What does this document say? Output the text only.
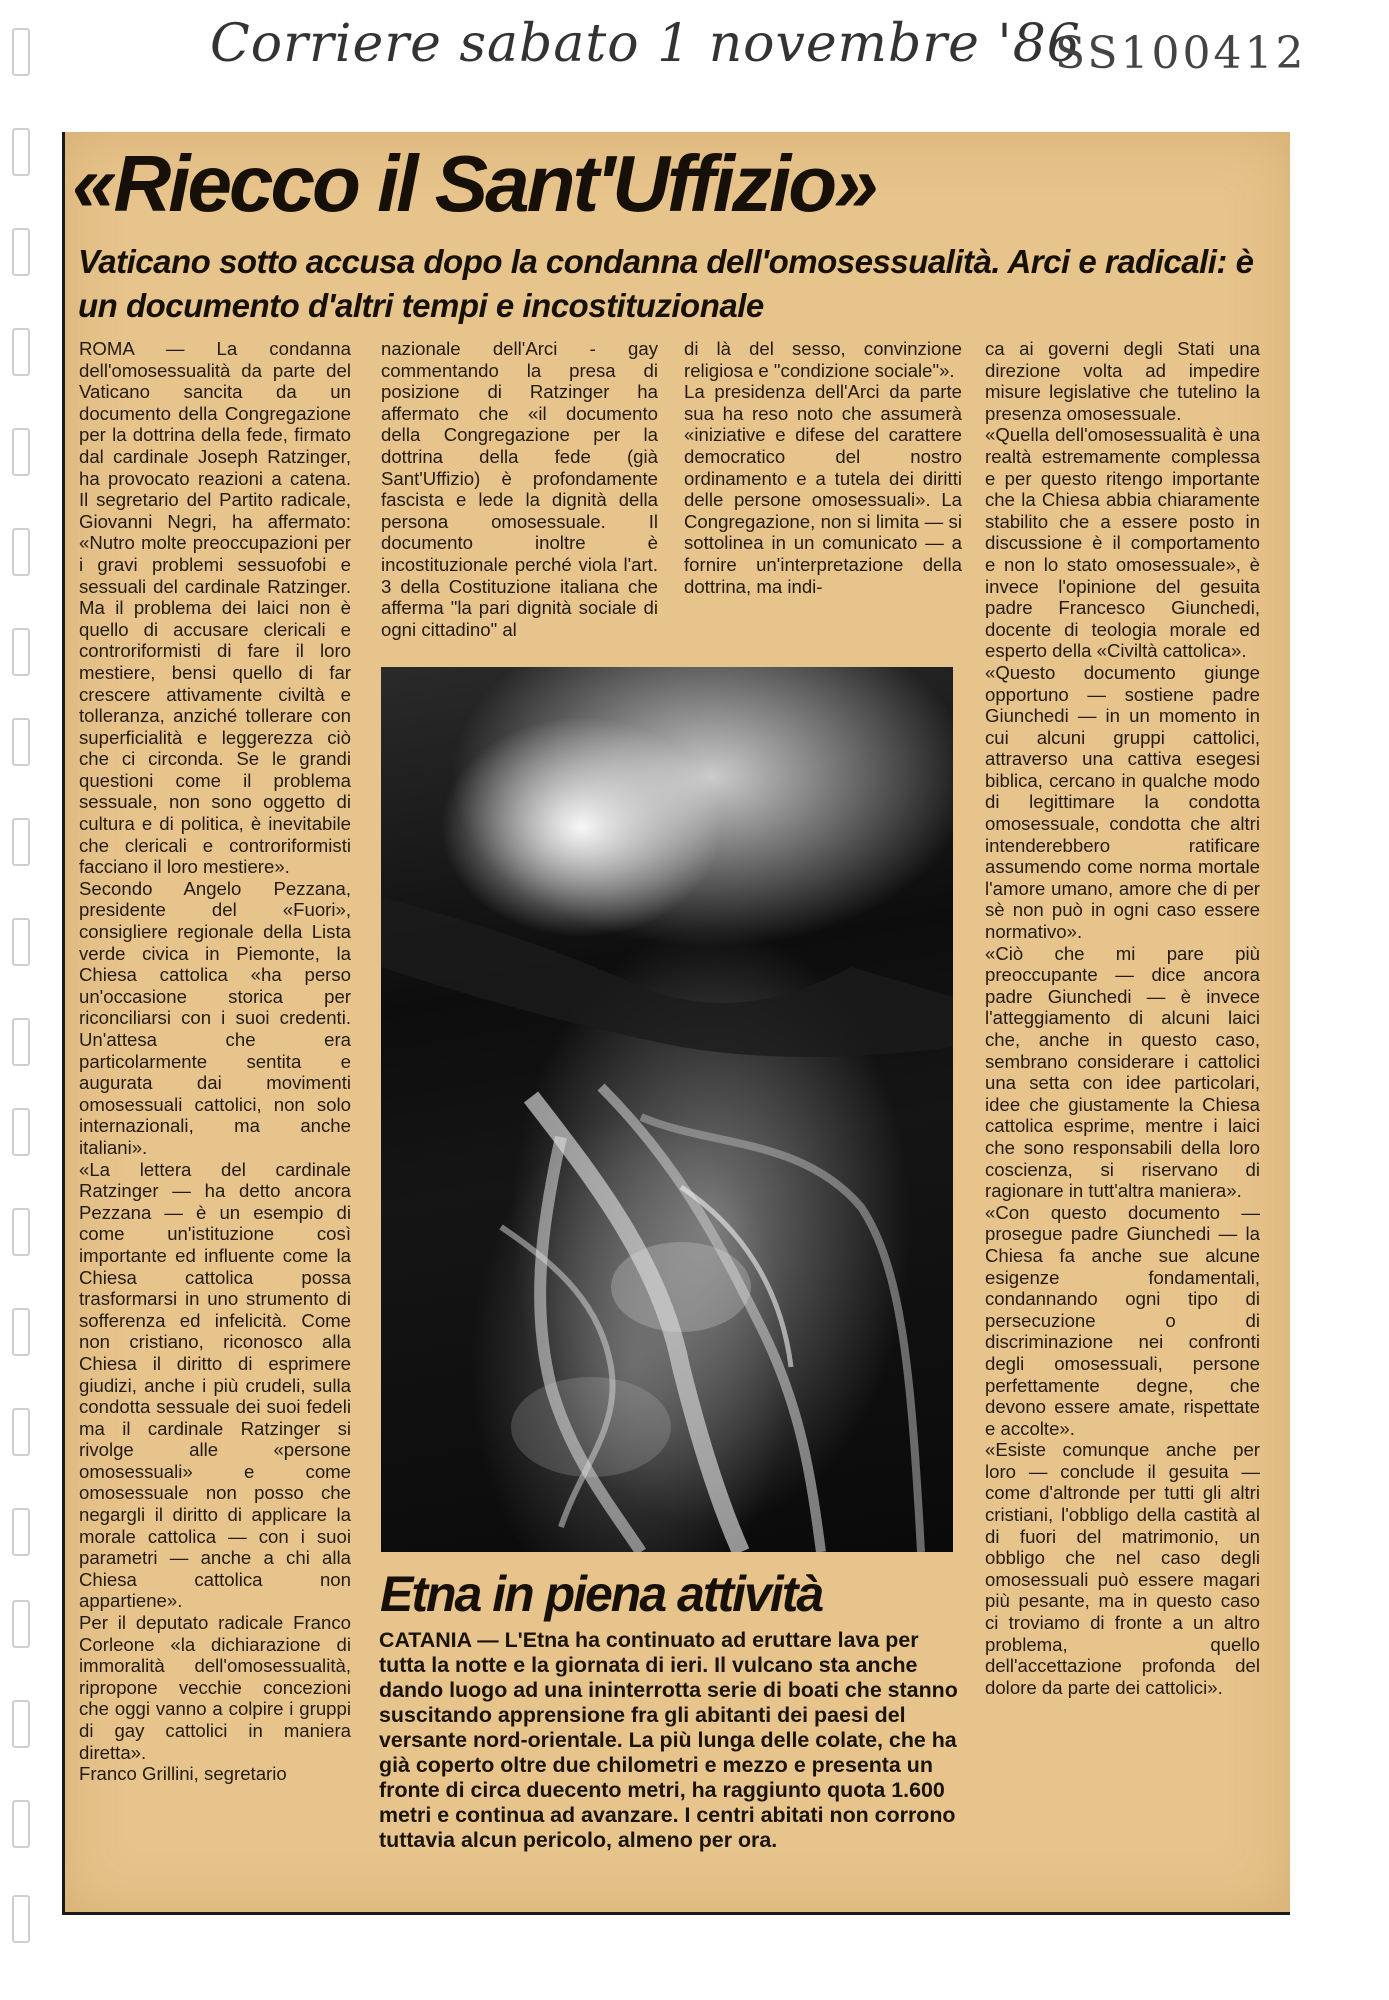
Corriere sabato 1 novembre '86
SS100412
«Riecco il Sant'Uffizio»
Vaticano sotto accusa dopo la condanna dell'omosessualità. Arci e radicali: è un documento d'altri tempi e incostituzionale

ROMA — La condanna dell'omosessualità da parte del Vaticano sancita da un documento della Congregazione per la dottrina della fede, firmato dal cardinale Joseph Ratzinger, ha provocato reazioni a catena. Il segretario del Partito radicale, Giovanni Negri, ha affermato: «Nutro molte preoccupazioni per i gravi problemi sessuofobi e sessuali del cardinale Ratzinger. Ma il problema dei laici non è quello di accusare clericali e controriformisti di fare il loro mestiere, bensi quello di far crescere attivamente civiltà e tolleranza, anziché tollerare con superficialità e leggerezza ciò che ci circonda. Se le grandi questioni come il problema sessuale, non sono oggetto di cultura e di politica, è inevitabile che clericali e controriformisti facciano il loro mestiere».

Secondo Angelo Pezzana, presidente del «Fuori», consigliere regionale della Lista verde civica in Piemonte, la Chiesa cattolica «ha perso un'occasione storica per riconciliarsi con i suoi credenti. Un'attesa che era particolarmente sentita e augurata dai movimenti omosessuali cattolici, non solo internazionali, ma anche italiani».

«La lettera del cardinale Ratzinger — ha detto ancora Pezzana — è un esempio di come un'istituzione così importante ed influente come la Chiesa cattolica possa trasformarsi in uno strumento di sofferenza ed infelicità. Come non cristiano, riconosco alla Chiesa il diritto di esprimere giudizi, anche i più crudeli, sulla condotta sessuale dei suoi fedeli ma il cardinale Ratzinger si rivolge alle «persone omosessuali» e come omosessuale non posso che negargli il diritto di applicare la morale cattolica — con i suoi parametri — anche a chi alla Chiesa cattolica non appartiene».

Per il deputato radicale Franco Corleone «la dichiarazione di immoralità dell'omosessualità, ripropone vecchie concezioni che oggi vanno a colpire i gruppi di gay cattolici in maniera diretta».

Franco Grillini, segretario

nazionale dell'Arci - gay commentando la presa di posizione di Ratzinger ha affermato che «il documento della Congregazione per la dottrina della fede (già Sant'Uffizio) è profondamente fascista e lede la dignità della persona omosessuale. Il documento inoltre è incostituzionale perché viola l'art. 3 della Costituzione italiana che afferma "la pari dignità sociale di ogni cittadino" al

di là del sesso, convinzione religiosa e "condizione sociale"».

La presidenza dell'Arci da parte sua ha reso noto che assumerà «iniziative e difese del carattere democratico del nostro ordinamento e a tutela dei diritti delle persone omosessuali». La Congregazione, non si limita — si sottolinea in un comunicato — a fornire un'interpretazione della dottrina, ma indi-

ca ai governi degli Stati una direzione volta ad impedire misure legislative che tutelino la presenza omosessuale.

«Quella dell'omosessualità è una realtà estremamente complessa e per questo ritengo importante che la Chiesa abbia chiaramente stabilito che a essere posto in discussione è il comportamento e non lo stato omosessuale», è invece l'opinione del gesuita padre Francesco Giunchedi, docente di teologia morale ed esperto della «Civiltà cattolica».

«Questo documento giunge opportuno — sostiene padre Giunchedi — in un momento in cui alcuni gruppi cattolici, attraverso una cattiva esegesi biblica, cercano in qualche modo di legittimare la condotta omosessuale, condotta che altri intenderebbero ratificare assumendo come norma mortale l'amore umano, amore che di per sè non può in ogni caso essere normativo».

«Ciò che mi pare più preoccupante — dice ancora padre Giunchedi — è invece l'atteggiamento di alcuni laici che, anche in questo caso, sembrano considerare i cattolici una setta con idee particolari, idee che giustamente la Chiesa cattolica esprime, mentre i laici che sono responsabili della loro coscienza, si riservano di ragionare in tutt'altra maniera».

«Con questo documento — prosegue padre Giunchedi — la Chiesa fa anche sue alcune esigenze fondamentali, condannando ogni tipo di persecuzione o di discriminazione nei confronti degli omosessuali, persone perfettamente degne, che devono essere amate, rispettate e accolte».

«Esiste comunque anche per loro — conclude il gesuita — come d'altronde per tutti gli altri cristiani, l'obbligo della castità al di fuori del matrimonio, un obbligo che nel caso degli omosessuali può essere magari più pesante, ma in questo caso ci troviamo di fronte a un altro problema, quello dell'accettazione profonda del dolore da parte dei cattolici».

Etna in piena attività
CATANIA — L'Etna ha continuato ad eruttare lava per tutta la notte e la giornata di ieri. Il vulcano sta anche dando luogo ad una ininterrotta serie di boati che stanno suscitando apprensione fra gli abitanti dei paesi del versante nord-orientale. La più lunga delle colate, che ha già coperto oltre due chilometri e mezzo e presenta un fronte di circa duecento metri, ha raggiunto quota 1.600 metri e continua ad avanzare. I centri abitati non corrono tuttavia alcun pericolo, almeno per ora.
